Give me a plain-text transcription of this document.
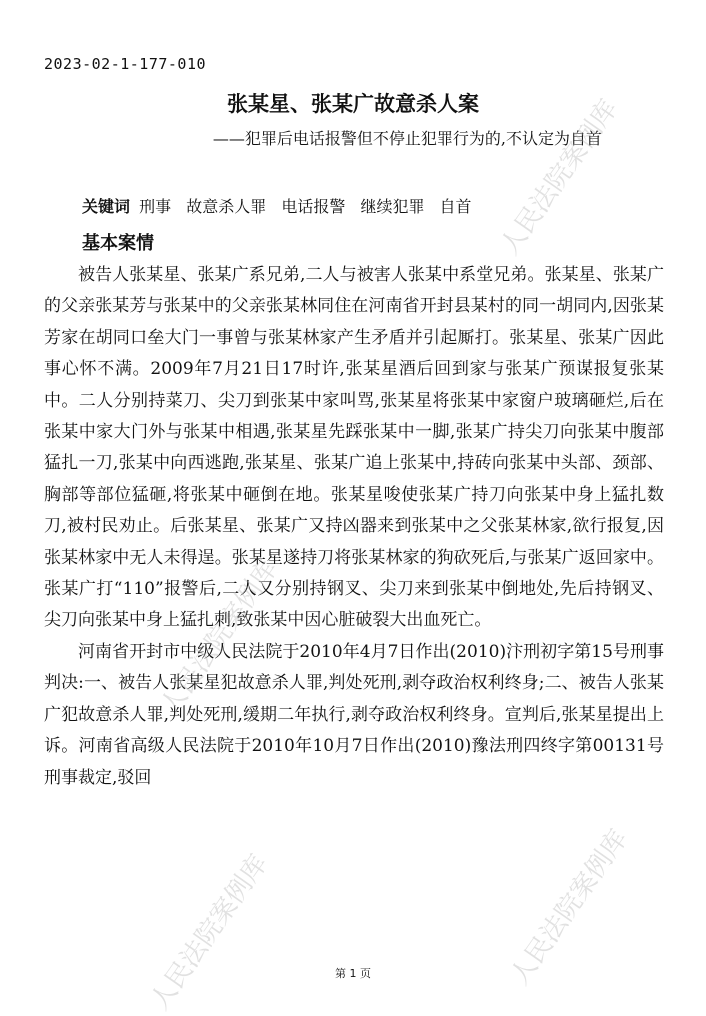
2023-02-1-177-010
张某星、张某广故意杀人案
——犯罪后电话报警但不停止犯罪行为的,不认定为自首
关键词 刑事 故意杀人罪 电话报警 继续犯罪 自首
基本案情

被告人张某星、张某广系兄弟,二人与被害人张某中系堂兄弟。张某星、张某广的父亲张某芳与张某中的父亲张某林同住在河南省开封县某村的同一胡同内,因张某芳家在胡同口垒大门一事曾与张某林家产生矛盾并引起厮打。张某星、张某广因此事心怀不满。2009年7月21日17时许,张某星酒后回到家与张某广预谋报复张某中。二人分别持菜刀、尖刀到张某中家叫骂,张某星将张某中家窗户玻璃砸烂,后在张某中家大门外与张某中相遇,张某星先踩张某中一脚,张某广持尖刀向张某中腹部猛扎一刀,张某中向西逃跑,张某星、张某广追上张某中,持砖向张某中头部、颈部、胸部等部位猛砸,将张某中砸倒在地。张某星唆使张某广持刀向张某中身上猛扎数刀,被村民劝止。后张某星、张某广又持凶器来到张某中之父张某林家,欲行报复,因张某林家中无人未得逞。张某星遂持刀将张某林家的狗砍死后,与张某广返回家中。张某广打“110”报警后,二人又分别持钢叉、尖刀来到张某中倒地处,先后持钢叉、尖刀向张某中身上猛扎刺,致张某中因心脏破裂大出血死亡。

河南省开封市中级人民法院于2010年4月7日作出(2010)汴刑初字第15号刑事判决:一、被告人张某星犯故意杀人罪,判处死刑,剥夺政治权利终身;二、被告人张某广犯故意杀人罪,判处死刑,缓期二年执行,剥夺政治权利终身。宣判后,张某星提出上诉。河南省高级人民法院于2010年10月7日作出(2010)豫法刑四终字第00131号刑事裁定,驳回

第 1 页
人民法院案例库
人民法院案例库
人民法院案例库
人民法院案例库
